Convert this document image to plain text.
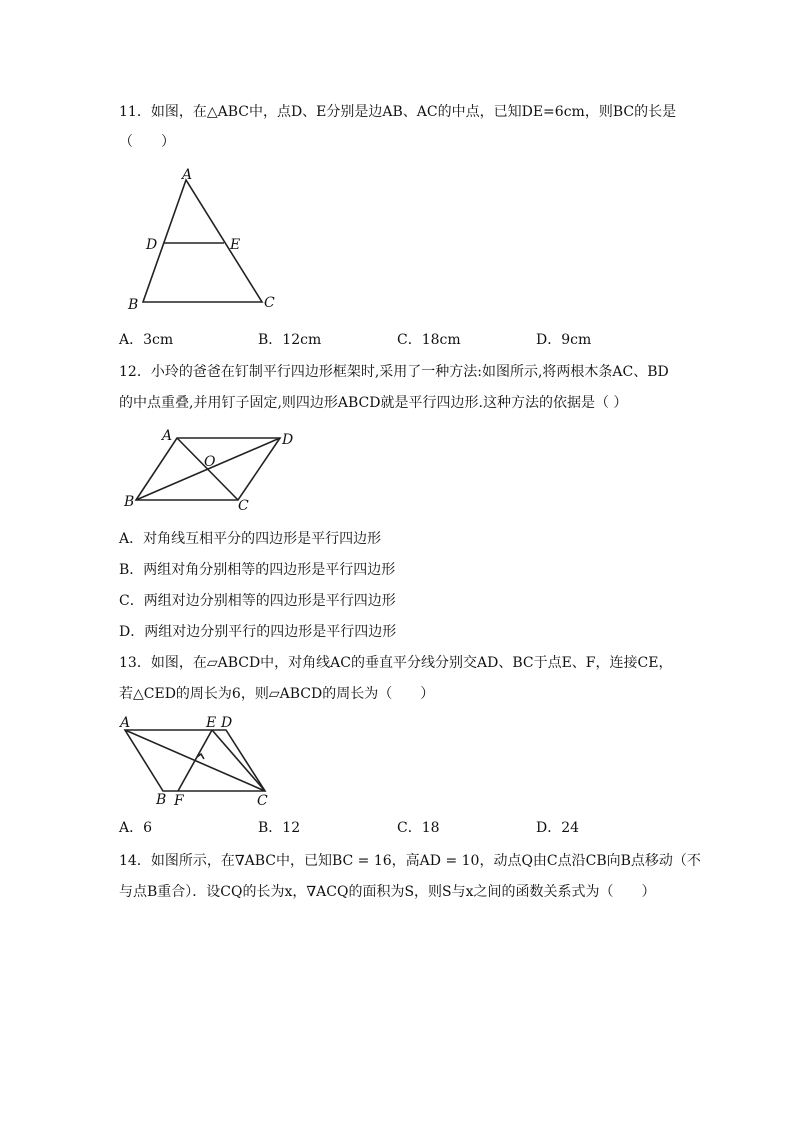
11．如图，在△ABC中，点D、E分别是边AB、AC的中点，已知DE=6cm，则BC的长是
（　　）
A
D	E
B	C
A．3cm	B．12cm	C．18cm	D．9cm
12．小玲的爸爸在钉制平行四边形框架时,采用了一种方法:如图所示,将两根木条AC、BD
的中点重叠,并用钉子固定,则四边形ABCD就是平行四边形.这种方法的依据是（ ）
A	D
O
B	C
A．对角线互相平分的四边形是平行四边形
B．两组对角分别相等的四边形是平行四边形
C．两组对边分别相等的四边形是平行四边形
D．两组对边分别平行的四边形是平行四边形
13．如图，在▱ABCD中，对角线AC的垂直平分线分别交AD、BC于点E、F，连接CE，
若△CED的周长为6，则▱ABCD的周长为（　　）
A	E D
B F	C
A．6	B．12	C．18	D．24
14．如图所示，在∇ABC中，已知BC = 16，高AD = 10，动点Q由C点沿CB向B点移动（不
与点B重合）．设CQ的长为x，∇ACQ的面积为S，则S与x之间的函数关系式为（　　）
